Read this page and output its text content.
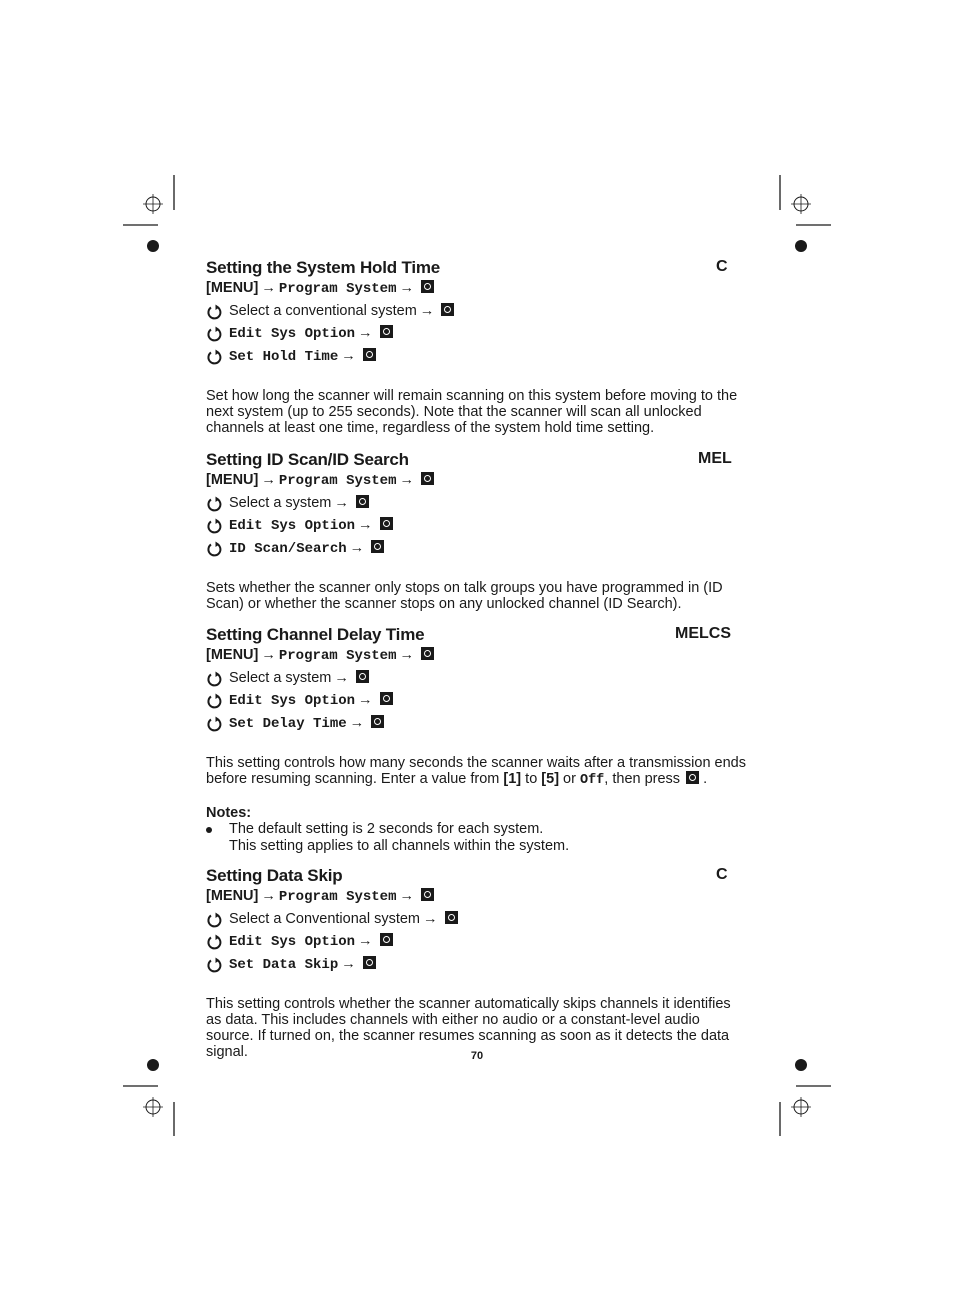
Setting the System Hold Time	C
[MENU] → Program System→
Select a conventional system →
Edit Sys Option →
Set Hold Time →
Set how long the scanner will remain scanning on this system before moving to the next system (up to 255 seconds). Note that the scanner will scan all unlocked channels at least one time, regardless of the system hold time setting.
Setting ID Scan/ID Search	MEL
[MENU] →Program System →
Select a system →
Edit Sys Option →
ID Scan/Search→
Sets whether the scanner only stops on talk groups you have programmed in (ID Scan) or whether the scanner stops on any unlocked channel (ID Search).
Setting Channel Delay Time	MELCS
[MENU] → Program System→
Select a system →
Edit Sys Option →
Set Delay Time→
This setting controls how many seconds the scanner waits after a transmission ends before resuming scanning. Enter a value from [1] to [5] or Off, then press  .
Notes:
The default setting is 2 seconds for each system.
This setting applies to all channels within the system.
Setting Data Skip	C
[MENU] → Program System→
Select a Conventional system →
Edit Sys Option →
Set Data Skip →
This setting controls whether the scanner automatically skips channels it identifies as data. This includes channels with either no audio or a constant-level audio source. If turned on, the scanner resumes scanning as soon as it detects the data signal.	70
